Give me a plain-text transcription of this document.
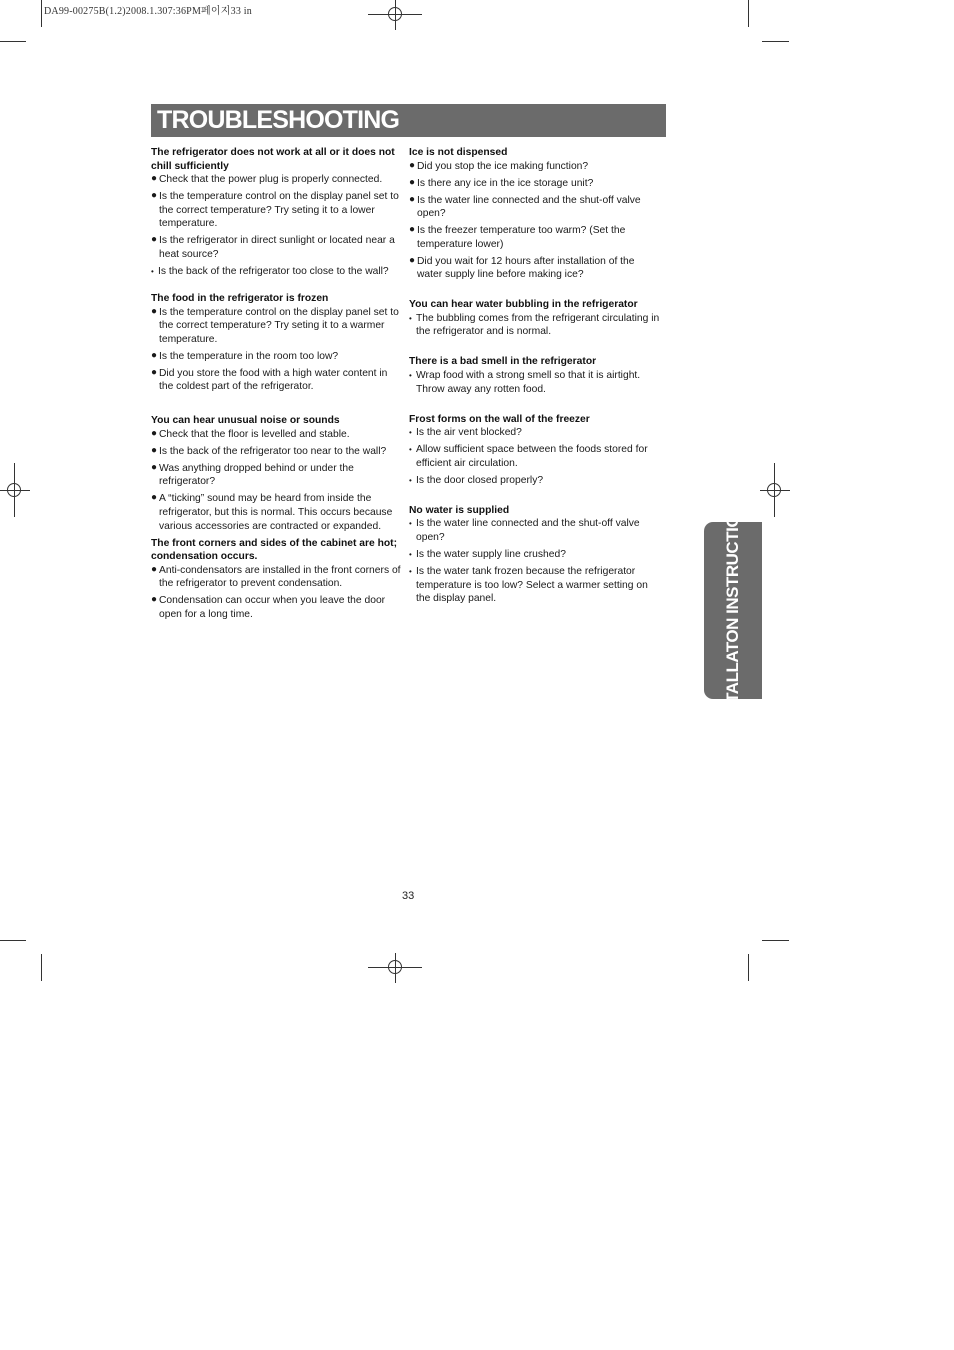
DA99-00275B(1.2)2008.1.307:36PM페이지33 in
TROUBLESHOOTING
The refrigerator does not work at all or it does not chill sufficiently
● Check that the power plug is properly connected.
● Is the temperature control on the display panel set to the correct temperature? Try seting it to a lower temperature.
● Is the refrigerator in direct sunlight or located near a heat source?
• Is the back of the refrigerator too close to the wall?
The food in the refrigerator is frozen
● Is the temperature control on the display panel set to the correct temperature? Try seting it to a warmer temperature.
● Is the temperature in the room too low?
● Did you store the food with a high water content in the coldest part of the refrigerator.
You can hear unusual noise or sounds
● Check that the floor is levelled and stable.
● Is the back of the refrigerator too near to the wall?
● Was anything dropped behind or under the refrigerator?
● A “ticking” sound may be heard from inside the refrigerator, but this is normal. This occurs because various accessories are contracted or expanded.
The front corners and sides of the cabinet are hot; condensation occurs.
● Anti-condensators are installed in the front corners of the refrigerator to prevent condensation.
● Condensation can occur when you leave the door open for a long time.
Ice is not dispensed
● Did you stop the ice making function?
● Is there any ice in the ice storage unit?
● Is the water line connected and the shut-off valve open?
● Is the freezer temperature too warm? (Set the temperature lower)
● Did you wait for 12 hours after installation of the water supply line before making ice?
You can hear water bubbling in the refrigerator
• The bubbling comes from the refrigerant circulating in the refrigerator and is normal.
There is a bad smell in the refrigerator
• Wrap food with a strong smell so that it is airtight. Throw away any rotten food.
Frost forms on the wall of the freezer
• Is the air vent blocked?
• Allow sufficient space between the foods stored for efficient air circulation.
• Is the door closed properly?
No water is supplied
• Is the water line connected and the shut-off valve open?
• Is the water supply line crushed?
• Is the water tank frozen because the refrigerator temperature is too low? Select a warmer setting on the display panel.	INSTALLATON INSTRUCTIONS
33
